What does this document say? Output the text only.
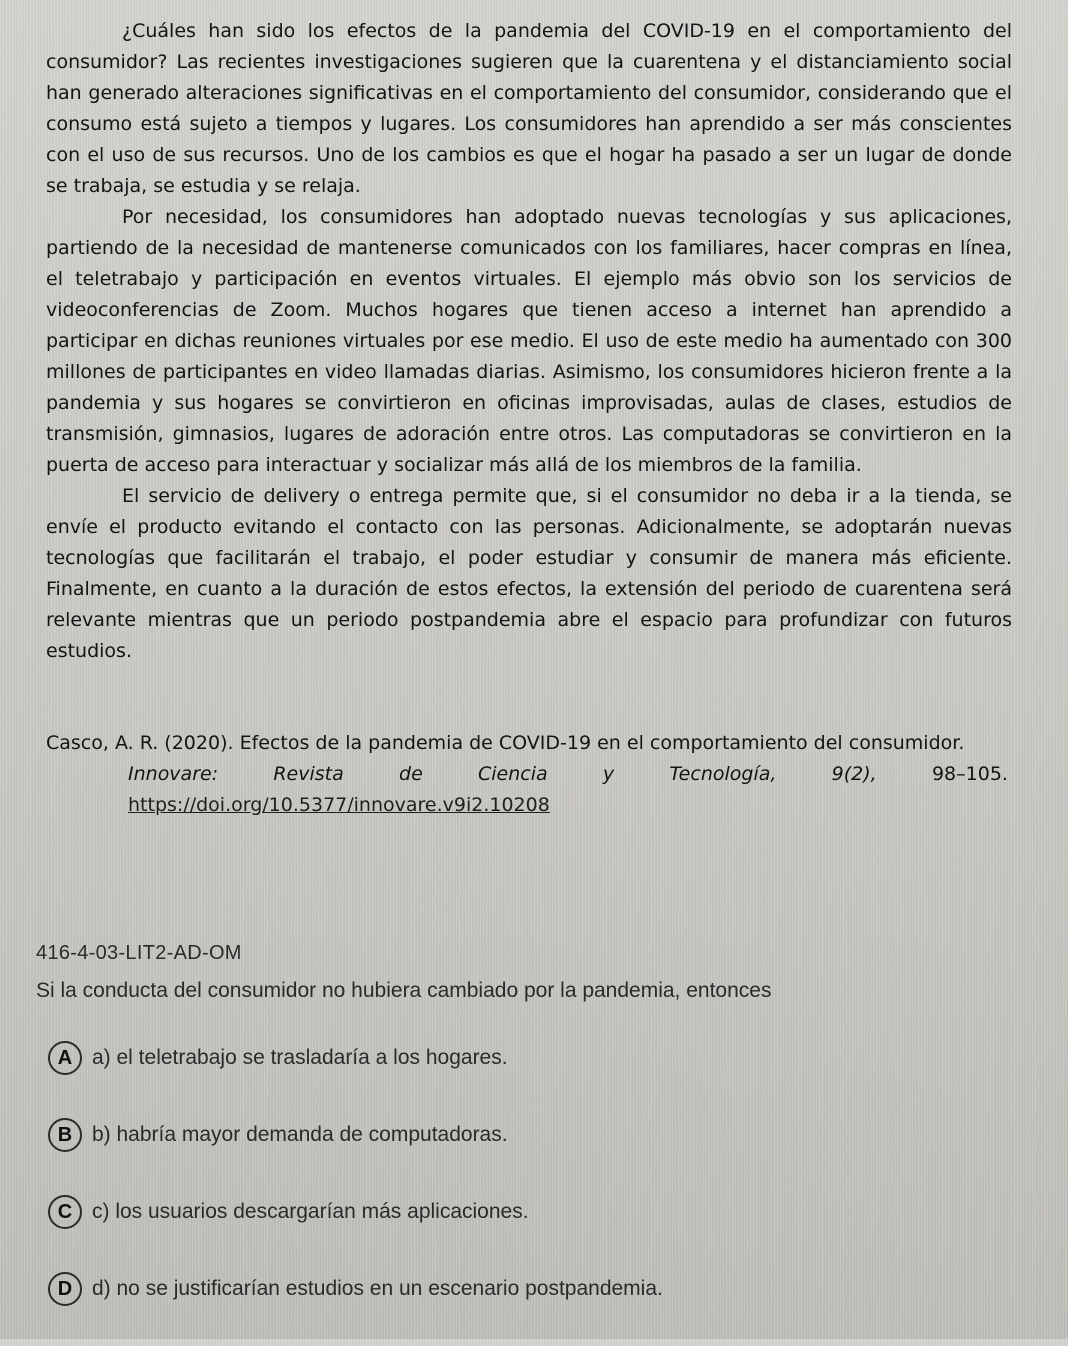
¿Cuáles han sido los efectos de la pandemia del COVID-19 en el comportamiento del consumidor? Las recientes investigaciones sugieren que la cuarentena y el distanciamiento social han generado alteraciones significativas en el comportamiento del consumidor, considerando que el consumo está sujeto a tiempos y lugares. Los consumidores han aprendido a ser más conscientes con el uso de sus recursos. Uno de los cambios es que el hogar ha pasado a ser un lugar de donde se trabaja, se estudia y se relaja.

Por necesidad, los consumidores han adoptado nuevas tecnologías y sus aplicaciones, partiendo de la necesidad de mantenerse comunicados con los familiares, hacer compras en línea, el teletrabajo y participación en eventos virtuales. El ejemplo más obvio son los servicios de videoconferencias de Zoom. Muchos hogares que tienen acceso a internet han aprendido a participar en dichas reuniones virtuales por ese medio. El uso de este medio ha aumentado con 300 millones de participantes en video llamadas diarias. Asimismo, los consumidores hicieron frente a la pandemia y sus hogares se convirtieron en oficinas improvisadas, aulas de clases, estudios de transmisión, gimnasios, lugares de adoración entre otros. Las computadoras se convirtieron en la puerta de acceso para interactuar y socializar más allá de los miembros de la familia.

El servicio de delivery o entrega permite que, si el consumidor no deba ir a la tienda, se envíe el producto evitando el contacto con las personas. Adicionalmente, se adoptarán nuevas tecnologías que facilitarán el trabajo, el poder estudiar y consumir de manera más eficiente. Finalmente, en cuanto a la duración de estos efectos, la extensión del periodo de cuarentena será relevante mientras que un periodo postpandemia abre el espacio para profundizar con futuros estudios.

Casco, A. R. (2020). Efectos de la pandemia de COVID-19 en el comportamiento del consumidor.

Innovare:	Revista	de	Ciencia	y	Tecnología,	9(2),	98–105.

https://doi.org/10.5377/innovare.v9i2.10208

416-4-03-LIT2-AD-OM

Si la conducta del consumidor no hubiera cambiado por la pandemia, entonces

A a) el teletrabajo se trasladaría a los hogares.
B b) habría mayor demanda de computadoras.
C c) los usuarios descargarían más aplicaciones.
D d) no se justificarían estudios en un escenario postpandemia.
